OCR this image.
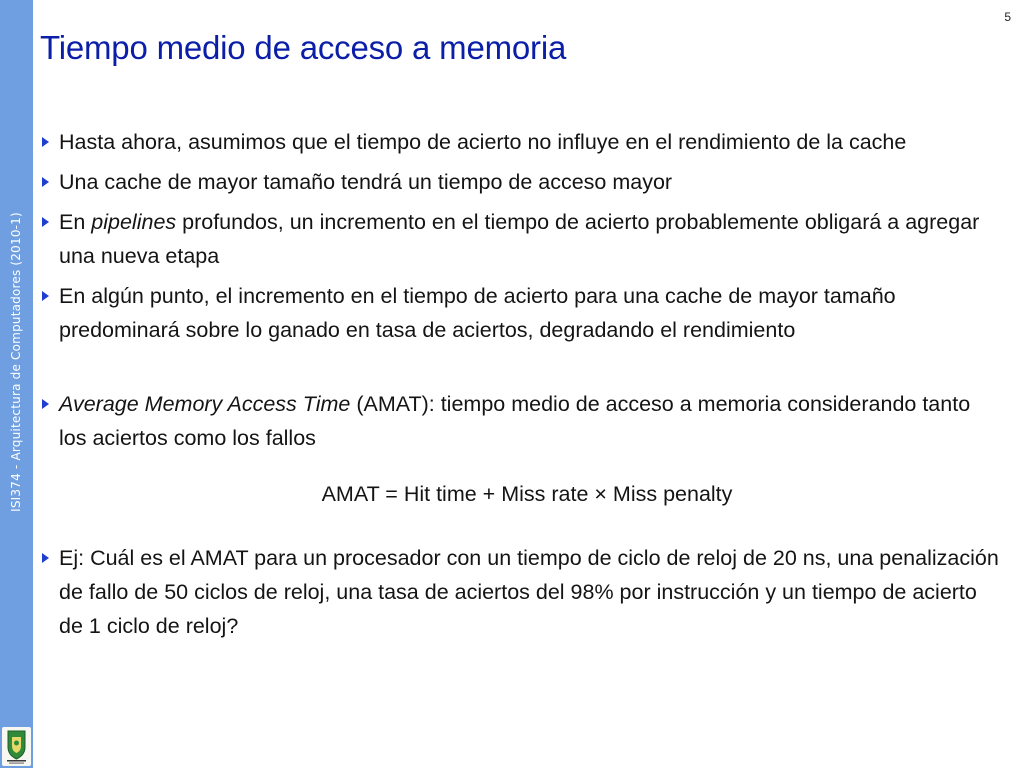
ISI374 - Arquitectura de Computadores (2010-1)
5
Tiempo medio de acceso a memoria
Hasta ahora, asumimos que el tiempo de acierto no influye en el rendimiento de la cache
Una cache de mayor tamaño tendrá un tiempo de acceso mayor
En pipelines profundos, un incremento en el tiempo de acierto probablemente obligará a agregar una nueva etapa
En algún punto, el incremento en el tiempo de acierto para una cache de mayor tamaño predominará sobre lo ganado en tasa de aciertos, degradando el rendimiento
Average Memory Access Time (AMAT): tiempo medio de acceso a memoria considerando tanto los aciertos como los fallos
AMAT = Hit time + Miss rate × Miss penalty
Ej: Cuál es el AMAT para un procesador con un tiempo de ciclo de reloj de 20 ns, una penalización de fallo de 50 ciclos de reloj, una tasa de aciertos del 98% por instrucción y un tiempo de acierto de 1 ciclo de reloj?
